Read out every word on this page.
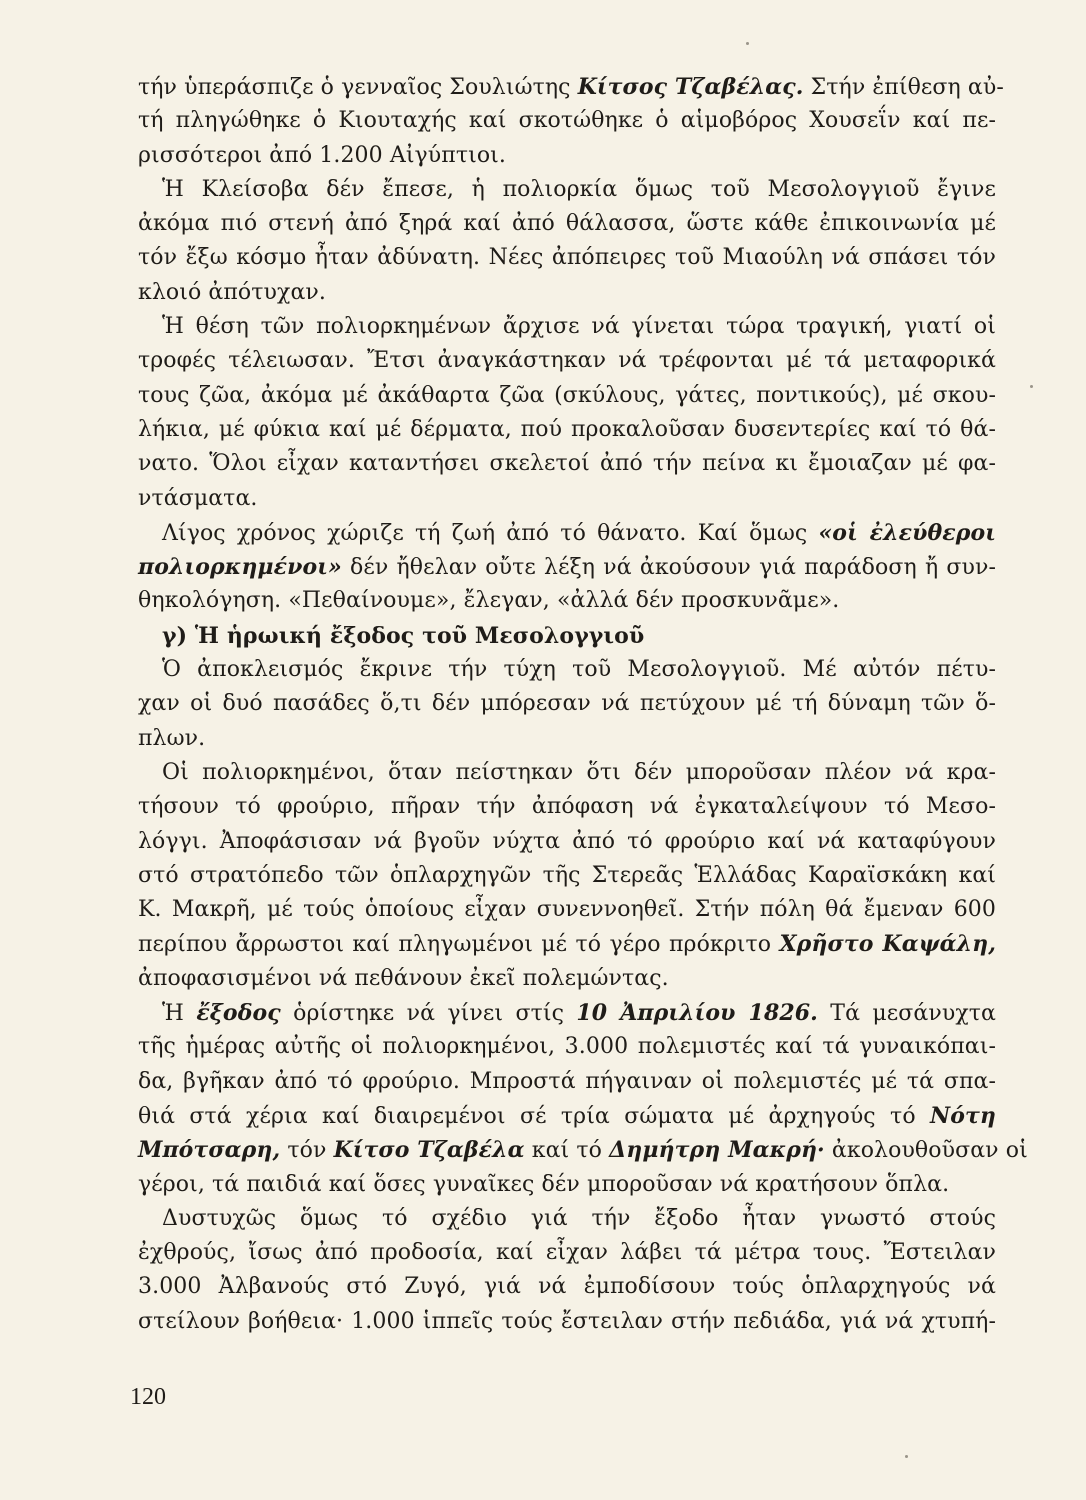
τήν ὑπεράσπιζε ὁ γενναῖος Σουλιώτης Κίτσος Τζαβέλας. Στήν ἐπίθεση αὐ-
τή πληγώθηκε ὁ Κιουταχής καί σκοτώθηκε ὁ αἱμοβόρος Χουσεΐν καί πε-
ρισσότεροι ἀπό 1.200 Αἰγύπτιοι.
Ἡ Κλείσοβα δέν ἔπεσε, ἡ πολιορκία ὅμως τοῦ Μεσολογγιοῦ ἔγινε
ἀκόμα πιό στενή ἀπό ξηρά καί ἀπό θάλασσα, ὥστε κάθε ἐπικοινωνία μέ
τόν ἔξω κόσμο ἦταν ἀδύνατη. Νέες ἀπόπειρες τοῦ Μιαούλη νά σπάσει τόν
κλοιό ἀπότυχαν.
Ἡ θέση τῶν πολιορκημένων ἄρχισε νά γίνεται τώρα τραγική, γιατί οἱ
τροφές τέλειωσαν. Ἔτσι ἀναγκάστηκαν νά τρέφονται μέ τά μεταφορικά
τους ζῶα, ἀκόμα μέ ἀκάθαρτα ζῶα (σκύλους, γάτες, ποντικούς), μέ σκου-
λήκια, μέ φύκια καί μέ δέρματα, πού προκαλοῦσαν δυσεντερίες καί τό θά-
νατο. Ὅλοι εἶχαν καταντήσει σκελετοί ἀπό τήν πείνα κι ἔμοιαζαν μέ φα-
ντάσματα.
Λίγος χρόνος χώριζε τή ζωή ἀπό τό θάνατο. Καί ὅμως «οἱ ἐλεύθεροι
πολιορκημένοι» δέν ἤθελαν οὔτε λέξη νά ἀκούσουν γιά παράδοση ἤ συν-
θηκολόγηση. «Πεθαίνουμε», ἔλεγαν, «ἀλλά δέν προσκυνᾶμε».
γ) Ἡ ἡρωική ἔξοδος τοῦ Μεσολογγιοῦ
Ὁ ἀποκλεισμός ἔκρινε τήν τύχη τοῦ Μεσολογγιοῦ. Μέ αὐτόν πέτυ-
χαν οἱ δυό πασάδες ὅ,τι δέν μπόρεσαν νά πετύχουν μέ τή δύναμη τῶν ὅ-
πλων.
Οἱ πολιορκημένοι, ὅταν πείστηκαν ὅτι δέν μποροῦσαν πλέον νά κρα-
τήσουν τό φρούριο, πῆραν τήν ἀπόφαση νά ἐγκαταλείψουν τό Μεσο-
λόγγι. Ἀποφάσισαν νά βγοῦν νύχτα ἀπό τό φρούριο καί νά καταφύγουν
στό στρατόπεδο τῶν ὁπλαρχηγῶν τῆς Στερεᾶς Ἑλλάδας Καραϊσκάκη καί
Κ. Μακρῆ, μέ τούς ὁποίους εἶχαν συνεννοηθεῖ. Στήν πόλη θά ἔμεναν 600
περίπου ἄρρωστοι καί πληγωμένοι μέ τό γέρο πρόκριτο Χρῆστο Καψάλη,
ἀποφασισμένοι νά πεθάνουν ἐκεῖ πολεμώντας.
Ἡ ἔξοδος ὁρίστηκε νά γίνει στίς 10 Ἀπριλίου 1826. Τά μεσάνυχτα
τῆς ἡμέρας αὐτῆς οἱ πολιορκημένοι, 3.000 πολεμιστές καί τά γυναικόπαι-
δα, βγῆκαν ἀπό τό φρούριο. Μπροστά πήγαιναν οἱ πολεμιστές μέ τά σπα-
θιά στά χέρια καί διαιρεμένοι σέ τρία σώματα μέ ἀρχηγούς τό Νότη
Μπότσαρη, τόν Κίτσο Τζαβέλα καί τό Δημήτρη Μακρή· ἀκολουθοῦσαν οἱ
γέροι, τά παιδιά καί ὅσες γυναῖκες δέν μποροῦσαν νά κρατήσουν ὅπλα.
Δυστυχῶς ὅμως τό σχέδιο γιά τήν ἔξοδο ἦταν γνωστό στούς
ἐχθρούς, ἴσως ἀπό προδοσία, καί εἶχαν λάβει τά μέτρα τους. Ἔστειλαν
3.000 Ἀλβανούς στό Ζυγό, γιά νά ἐμποδίσουν τούς ὁπλαρχηγούς νά
στείλουν βοήθεια· 1.000 ἱππεῖς τούς ἔστειλαν στήν πεδιάδα, γιά νά χτυπή-
120
